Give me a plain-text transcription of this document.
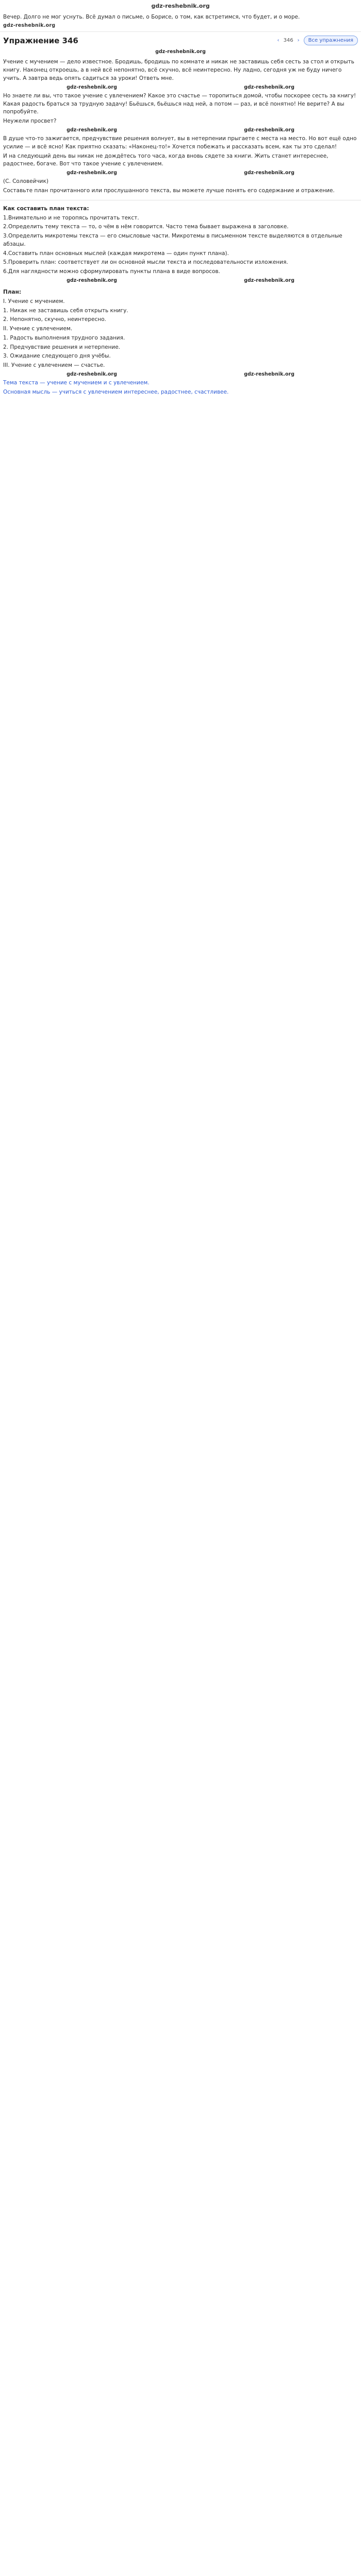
gdz-reshebnik.org

Вечер. Долго не мог уснуть. Всё думал о письме, о Борисе, о том, как встретимся, что будет, и о море.

gdz-reshebnik.org
Упражнение 346	‹ 346 ›	Все упражнения
gdz-reshebnik.org

Учение с мучением — дело известное. Бродишь, бродишь по комнате и никак не заставишь себя сесть за стол и открыть книгу. Наконец откроешь, а в ней всё непонятно, всё скучно, всё неинтересно. Ну ладно, сегодня уж не буду ничего учить. А завтра ведь опять садиться за уроки! Ответь мне.

gdz-reshebnik.org	gdz-reshebnik.org

Но знаете ли вы, что такое учение с увлечением? Какое это счастье — торопиться домой, чтобы поскорее сесть за книгу! Какая радость браться за трудную задачу! Бьёшься, бьёшься над ней, а потом — раз, и всё понятно! Не верите? А вы попробуйте.

Неужели просвет?

gdz-reshebnik.org	gdz-reshebnik.org

В душе что-то зажигается, предчувствие решения волнует, вы в нетерпении прыгаете с места на место. Но вот ещё одно усилие — и всё ясно! Как приятно сказать: «Наконец-то!» Хочется побежать и рассказать всем, как ты это сделал!

И на следующий день вы никак не дождётесь того часа, когда вновь сядете за книги. Жить станет интереснее, радостнее, богаче. Вот что такое учение с увлечением.

gdz-reshebnik.org	gdz-reshebnik.org

(С. Соловейчик)

Составьте план прочитанного или прослушанного текста, вы можете лучше понять его содержание и отражение.

Как составить план текста:

1.Внимательно и не торопясь прочитать текст.
2.Определить тему текста — то, о чём в нём говорится. Часто тема бывает выражена в заголовке.
3.Определить микротемы текста — его смысловые части. Микротемы в письменном тексте выделяются в отдельные абзацы.
4.Составить план основных мыслей (каждая микротема — один пункт плана).
5.Проверить план: соответствует ли он основной мысли текста и последовательности изложения.
6.Для наглядности можно сформулировать пункты плана в виде вопросов.
gdz-reshebnik.org	gdz-reshebnik.org

План:

I. Учение с мучением.
1. Никак не заставишь себя открыть книгу.
2. Непонятно, скучно, неинтересно.
II. Учение с увлечением.
1. Радость выполнения трудного задания.
2. Предчувствие решения и нетерпение.
3. Ожидание следующего дня учёбы.
III. Учение с увлечением — счастье.
gdz-reshebnik.org	gdz-reshebnik.org

Тема текста — учение с мучением и с увлечением.

Основная мысль — учиться с увлечением интереснее, радостнее, счастливее.
